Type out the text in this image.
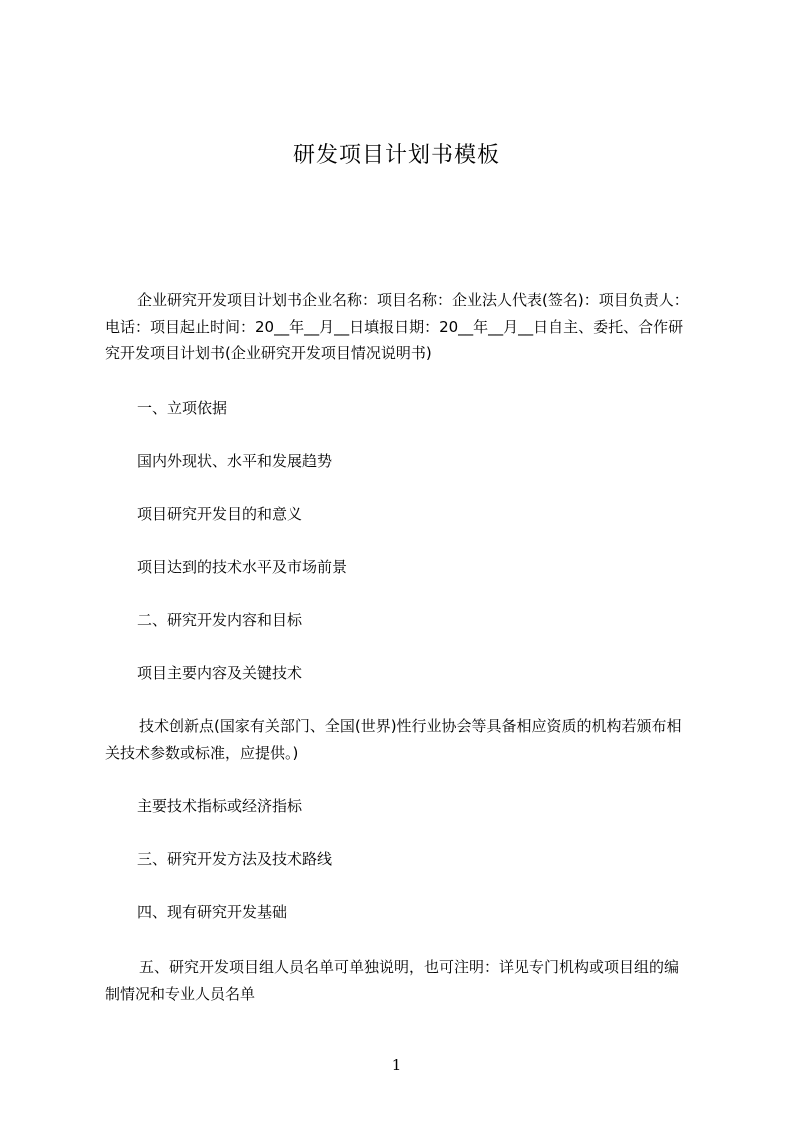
研发项目计划书模板

企业研究开发项目计划书企业名称：项目名称：企业法人代表(签名)：项目负责人：电话：项目起止时间：20__年__月__日填报日期：20__年__月__日自主、委托、合作研究开发项目计划书(企业研究开发项目情况说明书)

一、立项依据
国内外现状、水平和发展趋势
项目研究开发目的和意义
项目达到的技术水平及市场前景
二、研究开发内容和目标
项目主要内容及关键技术

技术创新点(国家有关部门、全国(世界)性行业协会等具备相应资质的机构若颁布相关技术参数或标准，应提供。)

主要技术指标或经济指标
三、研究开发方法及技术路线
四、现有研究开发基础

五、研究开发项目组人员名单可单独说明，也可注明：详见专门机构或项目组的编制情况和专业人员名单

1
